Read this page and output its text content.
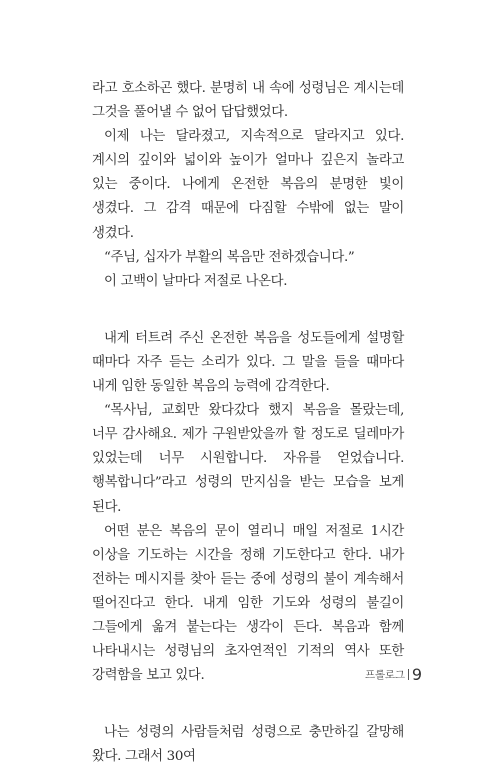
라고 호소하곤 했다. 분명히 내 속에 성령님은 계시는데 그것을 풀어낼 수 없어 답답했었다.

이제 나는 달라졌고, 지속적으로 달라지고 있다. 계시의 깊이와 넓이와 높이가 얼마나 깊은지 놀라고 있는 중이다. 나에게 온전한 복음의 분명한 빛이 생겼다. 그 감격 때문에 다짐할 수밖에 없는 말이 생겼다.

“주님, 십자가 부활의 복음만 전하겠습니다.”

이 고백이 날마다 저절로 나온다.

내게 터트려 주신 온전한 복음을 성도들에게 설명할 때마다 자주 듣는 소리가 있다. 그 말을 들을 때마다 내게 임한 동일한 복음의 능력에 감격한다.

“목사님, 교회만 왔다갔다 했지 복음을 몰랐는데, 너무 감사해요. 제가 구원받았을까 할 정도로 딜레마가 있었는데 너무 시원합니다. 자유를 얻었습니다. 행복합니다”라고 성령의 만지심을 받는 모습을 보게 된다.

어떤 분은 복음의 문이 열리니 매일 저절로 1시간 이상을 기도하는 시간을 정해 기도한다고 한다. 내가 전하는 메시지를 찾아 듣는 중에 성령의 불이 계속해서 떨어진다고 한다. 내게 임한 기도와 성령의 불길이 그들에게 옮겨 붙는다는 생각이 든다. 복음과 함께 나타내시는 성령님의 초자연적인 기적의 역사 또한 강력함을 보고 있다.

나는 성령의 사람들처럼 성령으로 충만하길 갈망해 왔다. 그래서 30여

프롤로그 9
